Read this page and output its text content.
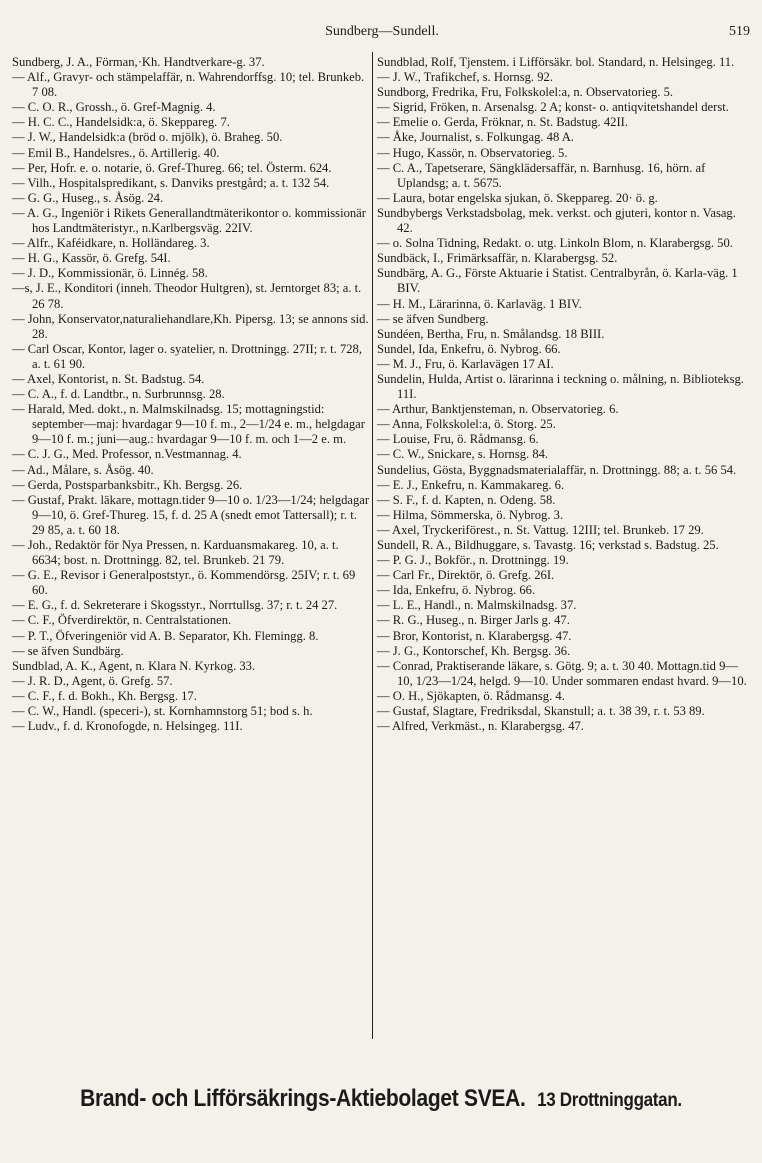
Sundberg—Sundell.	519
Sundberg, J. A., Förman,·Kh. Handtverkare-g. 37.
— Alf., Gravyr- och stämpelaffär, n. Wahrendorffsg. 10; tel. Brunkeb. 7 08.
— C. O. R., Grossh., ö. Gref-Magnig. 4.
— H. C. C., Handelsidk:a, ö. Skeppareg. 7.
— J. W., Handelsidk:a (bröd o. mjölk), ö. Braheg. 50.
— Emil B., Handelsres., ö. Artillerig. 40.
— Per, Hofr. e. o. notarie, ö. Gref-Thureg. 66; tel. Österm. 624.
— Vilh., Hospitalspredikant, s. Danviks prestgård; a. t. 132 54.
— G. G., Huseg., s. Åsög. 24.
— A. G., Ingeniör i Rikets Generallandtmäterikontor o. kommissionär hos Landtmäteristyr., n.Karlbergsväg. 22IV.
— Alfr., Kaféidkare, n. Holländareg. 3.
— H. G., Kassör, ö. Grefg. 54I.
— J. D., Kommissionär, ö. Linnég. 58.
—s, J. E., Konditori (inneh. Theodor Hultgren), st. Jerntorget 83; a. t. 26 78.
— John, Konservator,naturaliehandlare,Kh. Pipersg. 13; se annons sid. 28.
— Carl Oscar, Kontor, lager o. syatelier, n. Drottningg. 27II; r. t. 728, a. t. 61 90.
— Axel, Kontorist, n. St. Badstug. 54.
— C. A., f. d. Landtbr., n. Surbrunnsg. 28.
— Harald, Med. dokt., n. Malmskilnadsg. 15; mottagningstid: september—maj: hvardagar 9—10 f. m., 2—1/24 e. m., helgdagar 9—10 f. m.; juni—aug.: hvardagar 9—10 f. m. och 1—2 e. m.
— C. J. G., Med. Professor, n.Vestmannag. 4.
— Ad., Målare, s. Åsög. 40.
— Gerda, Postsparbanksbitr., Kh. Bergsg. 26.
— Gustaf, Prakt. läkare, mottagn.tider 9—10 o. 1/23—1/24; helgdagar 9—10, ö. Gref-Thureg. 15, f. d. 25 A (snedt emot Tattersall); r. t. 29 85, a. t. 60 18.
— Joh., Redaktör för Nya Pressen, n. Karduansmakareg. 10, a. t. 6634; bost. n. Drottningg. 82, tel. Brunkeb. 21 79.
— G. E., Revisor i Generalpoststyr., ö. Kommendörsg. 25IV; r. t. 69 60.
— E. G., f. d. Sekreterare i Skogsstyr., Norrtullsg. 37; r. t. 24 27.
— C. F., Öfverdirektör, n. Centralstationen.
— P. T., Öfveringeniör vid A. B. Separator, Kh. Flemingg. 8.
— se äfven Sundbärg.
Sundblad, A. K., Agent, n. Klara N. Kyrkog. 33.
— J. R. D., Agent, ö. Grefg. 57.
— C. F., f. d. Bokh., Kh. Bergsg. 17.
— C. W., Handl. (speceri-), st. Kornhamnstorg 51; bod s. h.
— Ludv., f. d. Kronofogde, n. Helsingeg. 11I.
Sundblad, Rolf, Tjenstem. i Lifförsäkr. bol. Standard, n. Helsingeg. 11.
— J. W., Trafikchef, s. Hornsg. 92.
Sundborg, Fredrika, Fru, Folkskolel:a, n. Observatorieg. 5.
— Sigrid, Fröken, n. Arsenalsg. 2 A; konst- o. antiqvitetshandel derst.
— Emelie o. Gerda, Fröknar, n. St. Badstug. 42II.
— Åke, Journalist, s. Folkungag. 48 A.
— Hugo, Kassör, n. Observatorieg. 5.
— C. A., Tapetserare, Sängklädersaffär, n. Barnhusg. 16, hörn. af Uplandsg; a. t. 5675.
— Laura, botar engelska sjukan, ö. Skeppareg. 20· ö. g.
Sundbybergs Verkstadsbolag, mek. verkst. och gjuteri, kontor n. Vasag. 42.
— o. Solna Tidning, Redakt. o. utg. Linkoln Blom, n. Klarabergsg. 50.
Sundbäck, I., Frimärksaffär, n. Klarabergsg. 52.
Sundbärg, A. G., Förste Aktuarie i Statist. Centralbyrån, ö. Karla-väg. 1 BIV.
— H. M., Lärarinna, ö. Karlaväg. 1 BIV.
— se äfven Sundberg.
Sundéen, Bertha, Fru, n. Smålandsg. 18 BIII.
Sundel, Ida, Enkefru, ö. Nybrog. 66.
— M. J., Fru, ö. Karlavägen 17 AI.
Sundelin, Hulda, Artist o. lärarinna i teckning o. målning, n. Biblioteksg. 11I.
— Arthur, Banktjensteman, n. Observatorieg. 6.
— Anna, Folkskolel:a, ö. Storg. 25.
— Louise, Fru, ö. Rådmansg. 6.
— C. W., Snickare, s. Hornsg. 84.
Sundelius, Gösta, Byggnadsmaterialaffär, n. Drottningg. 88; a. t. 56 54.
— E. J., Enkefru, n. Kammakareg. 6.
— S. F., f. d. Kapten, n. Odeng. 58.
— Hilma, Sömmerska, ö. Nybrog. 3.
— Axel, Tryckeriförest., n. St. Vattug. 12III; tel. Brunkeb. 17 29.
Sundell, R. A., Bildhuggare, s. Tavastg. 16; verkstad s. Badstug. 25.
— P. G. J., Bokför., n. Drottningg. 19.
— Carl Fr., Direktör, ö. Grefg. 26I.
— Ida, Enkefru, ö. Nybrog. 66.
— L. E., Handl., n. Malmskilnadsg. 37.
— R. G., Huseg., n. Birger Jarls g. 47.
— Bror, Kontorist, n. Klarabergsg. 47.
— J. G., Kontorschef, Kh. Bergsg. 36.
— Conrad, Praktiserande läkare, s. Götg. 9; a. t. 30 40. Mottagn.tid 9—10, 1/23—1/24, helgd. 9—10. Under sommaren endast hvard. 9—10.
— O. H., Sjökapten, ö. Rådmansg. 4.
— Gustaf, Slagtare, Fredriksdal, Skanstull; a. t. 38 39, r. t. 53 89.
— Alfred, Verkmäst., n. Klarabergsg. 47.
Brand- och Lifförsäkrings-Aktiebolaget SVEA. 13 Drottninggatan.
